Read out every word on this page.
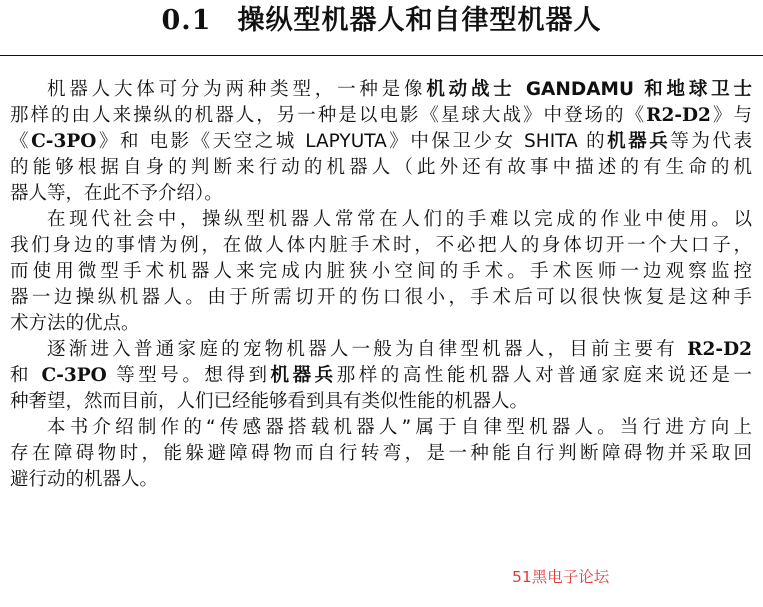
0.1 操纵型机器人和自律型机器人
机器人大体可分为两种类型，一种是像机动战士 GANDAMU 和地球卫士
那样的由人来操纵的机器人，另一种是以电影《星球大战》中登场的《R2-D2》与
《C-3PO》和 电影《天空之城 LAPYUTA》中保卫少女 SHITA 的机器兵等为代表
的能够根据自身的判断来行动的机器人（此外还有故事中描述的有生命的机
器人等，在此不予介绍）。
在现代社会中，操纵型机器人常常在人们的手难以完成的作业中使用。以
我们身边的事情为例，在做人体内脏手术时，不必把人的身体切开一个大口子，
而使用微型手术机器人来完成内脏狭小空间的手术。手术医师一边观察监控
器一边操纵机器人。由于所需切开的伤口很小，手术后可以很快恢复是这种手
术方法的优点。
逐渐进入普通家庭的宠物机器人一般为自律型机器人，目前主要有 R2-D2
和 C-3PO 等型号。想得到机器兵那样的高性能机器人对普通家庭来说还是一
种奢望，然而目前，人们已经能够看到具有类似性能的机器人。
本书介绍制作的“传感器搭载机器人”属于自律型机器人。当行进方向上
存在障碍物时，能躲避障碍物而自行转弯，是一种能自行判断障碍物并采取回
避行动的机器人。
51黑电子论坛
